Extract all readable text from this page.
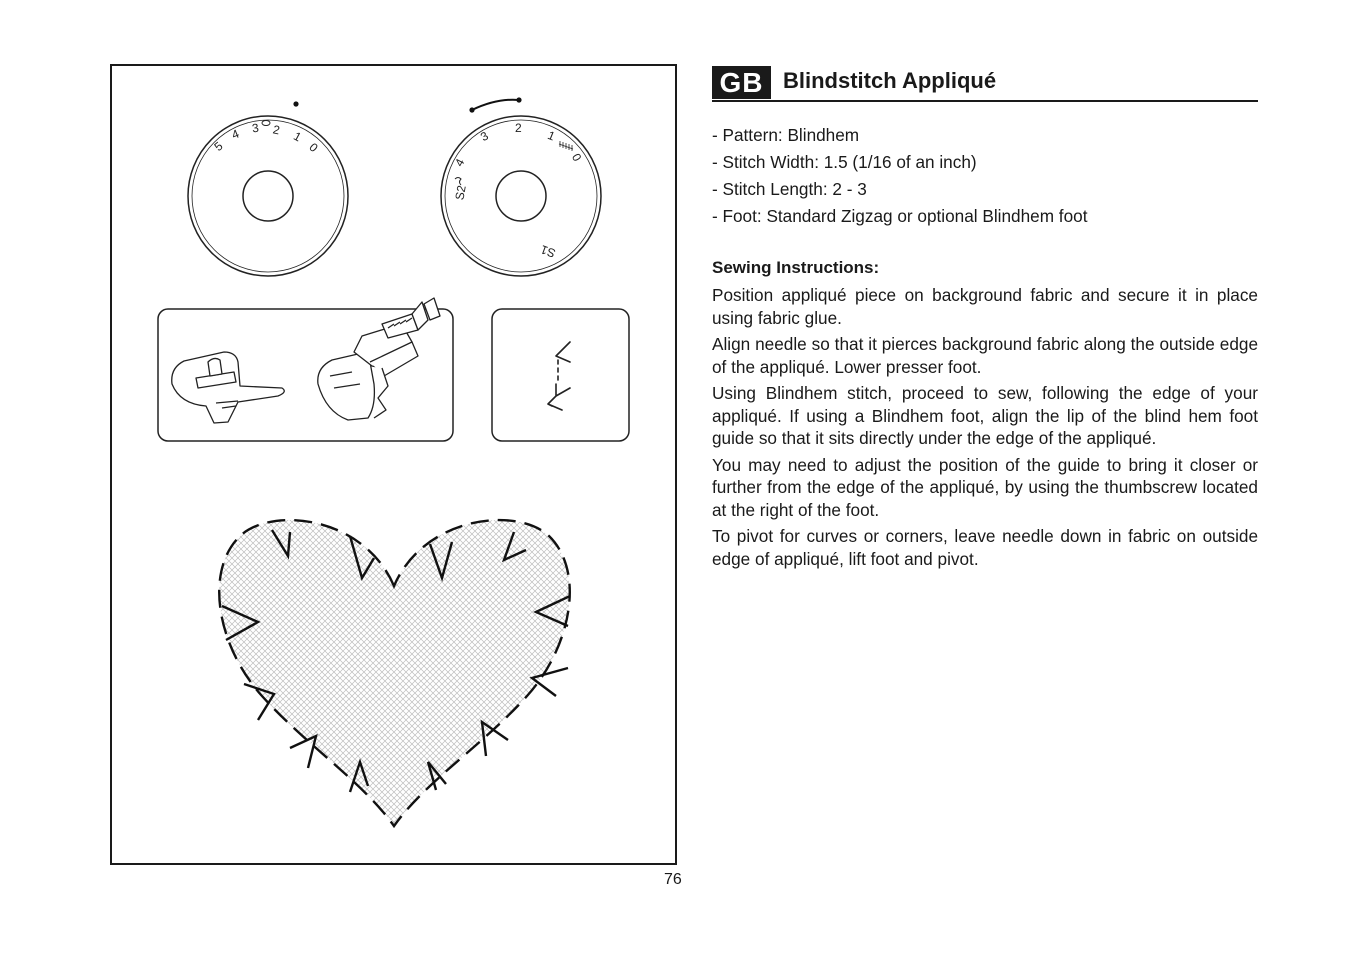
5
4 3 2 1
0
S2
4
3
2
1
0
S1
76
GB Blindstitch Appliqué
- Pattern: Blindhem
- Stitch Width: 1.5 (1/16 of an inch)
- Stitch Length: 2 - 3
- Foot: Standard Zigzag or optional Blindhem foot
Sewing Instructions:

Position appliqué piece on background fabric and secure it in place using fabric glue.

Align needle so that it pierces background fabric along the outside edge of the appliqué. Lower presser foot.

Using Blindhem stitch, proceed to sew, following the edge of your appliqué. If using a Blindhem foot, align the lip of the blind hem foot guide so that it sits directly under the edge of the appliqué.

You may need to adjust the position of the guide to bring it closer or further from the edge of the appliqué, by using the thumbscrew located at the right of the foot.

To pivot for curves or corners, leave needle down in fabric on outside edge of appliqué, lift foot and pivot.
